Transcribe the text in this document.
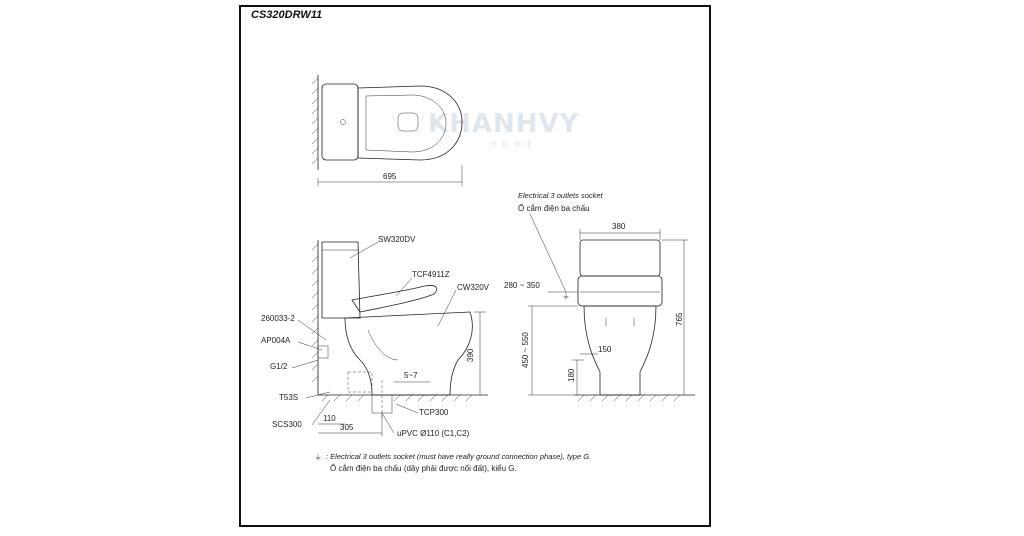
CS320DRW11
KHANHVY
HOME
695
390
5~7
110
305
SW320DV
TCF4911Z
CW320V
260033-2
AP004A
G1/2
T53S
SCS300
TCP300
uPVC Ø110 (C1,C2)
Electrical 3 outlets socket
Ổ cắm điện ba chấu
⏚
380
280 ~ 350
765
450 ~ 550	150
180
⏚ : Electrical 3 outlets socket (must have really ground connection phase), type G.
Ổ cắm điện ba chấu (dây phải được nối đất), kiểu G.
